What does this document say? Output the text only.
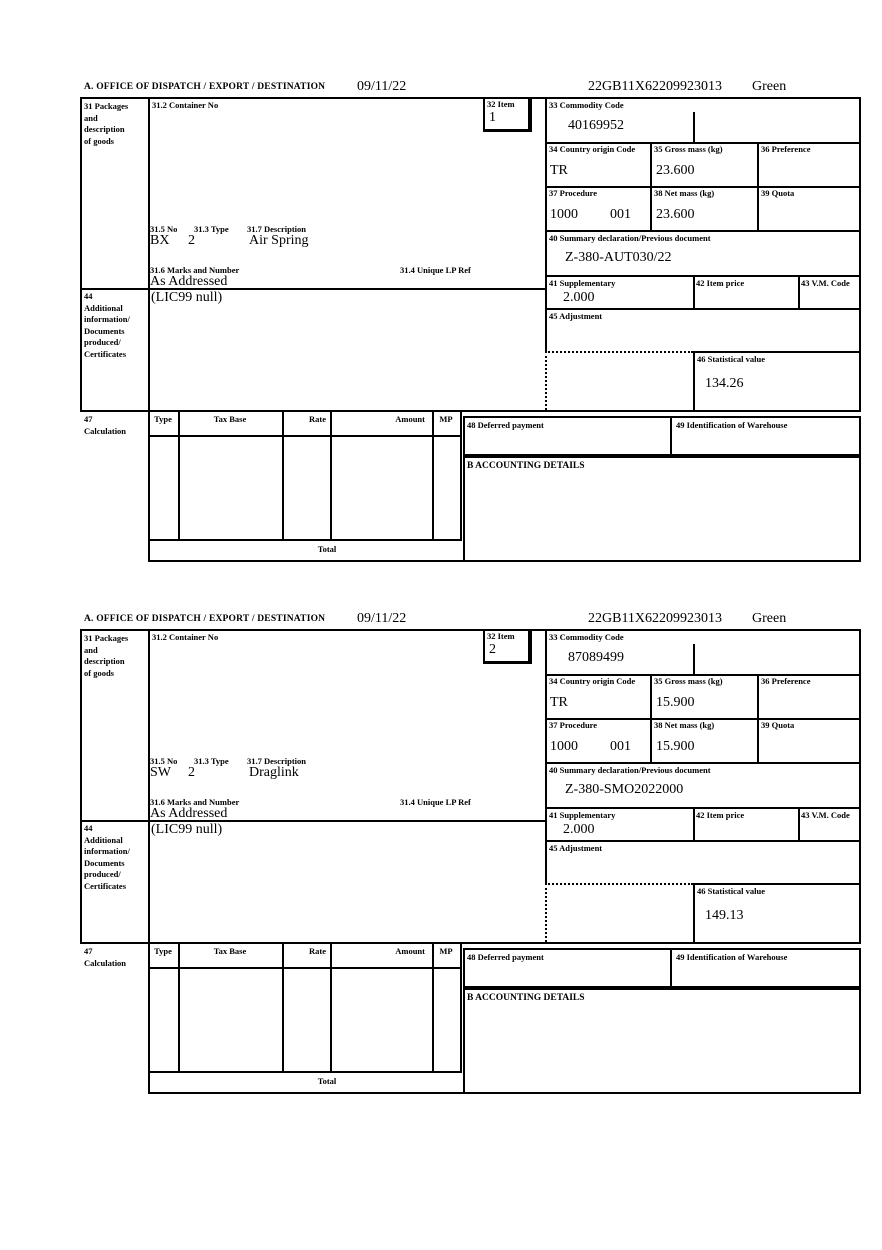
A. OFFICE OF DISPATCH / EXPORT / DESTINATION 09/11/22	22GB11X62209923013 Green
31 Packages
and
description
of goods
31.2 Container No	32 Item
1
31.5 No 31.3 Type 31.7 Description
BX 2	Air Spring
31.6 Marks and Number	31.4 Unique LP Ref
As Addressed
33 Commodity Code
40169952
34 Country origin Code
TR
35 Gross mass (kg)
23.600
36 Preference
37 Procedure
1000 001
38 Net mass (kg)
23.600
39 Quota
40 Summary declaration/Previous document
Z-380-AUT030/22
41 Supplementary
2.000
42 Item price	43 V.M. Code
45 Adjustment
46 Statistical value
134.26
44
Additional
information/
Documents
produced/
Certificates
(LIC99 null)
47
Calculation
Type	Tax Base	Rate	Amount	MP
Total
48 Deferred payment	49 Identification of Warehouse
B ACCOUNTING DETAILS
A. OFFICE OF DISPATCH / EXPORT / DESTINATION 09/11/22	22GB11X62209923013 Green
31 Packages
and
description
of goods
31.2 Container No	32 Item
2
31.5 No 31.3 Type 31.7 Description
SW 2	Draglink
31.6 Marks and Number	31.4 Unique LP Ref
As Addressed
33 Commodity Code
87089499
34 Country origin Code
TR
35 Gross mass (kg)
15.900
36 Preference
37 Procedure
1000 001
38 Net mass (kg)
15.900
39 Quota
40 Summary declaration/Previous document
Z-380-SMO2022000
41 Supplementary
2.000
42 Item price	43 V.M. Code
45 Adjustment
46 Statistical value
149.13
44
Additional
information/
Documents
produced/
Certificates
(LIC99 null)
47
Calculation
Type	Tax Base	Rate	Amount	MP
Total
48 Deferred payment	49 Identification of Warehouse
B ACCOUNTING DETAILS
